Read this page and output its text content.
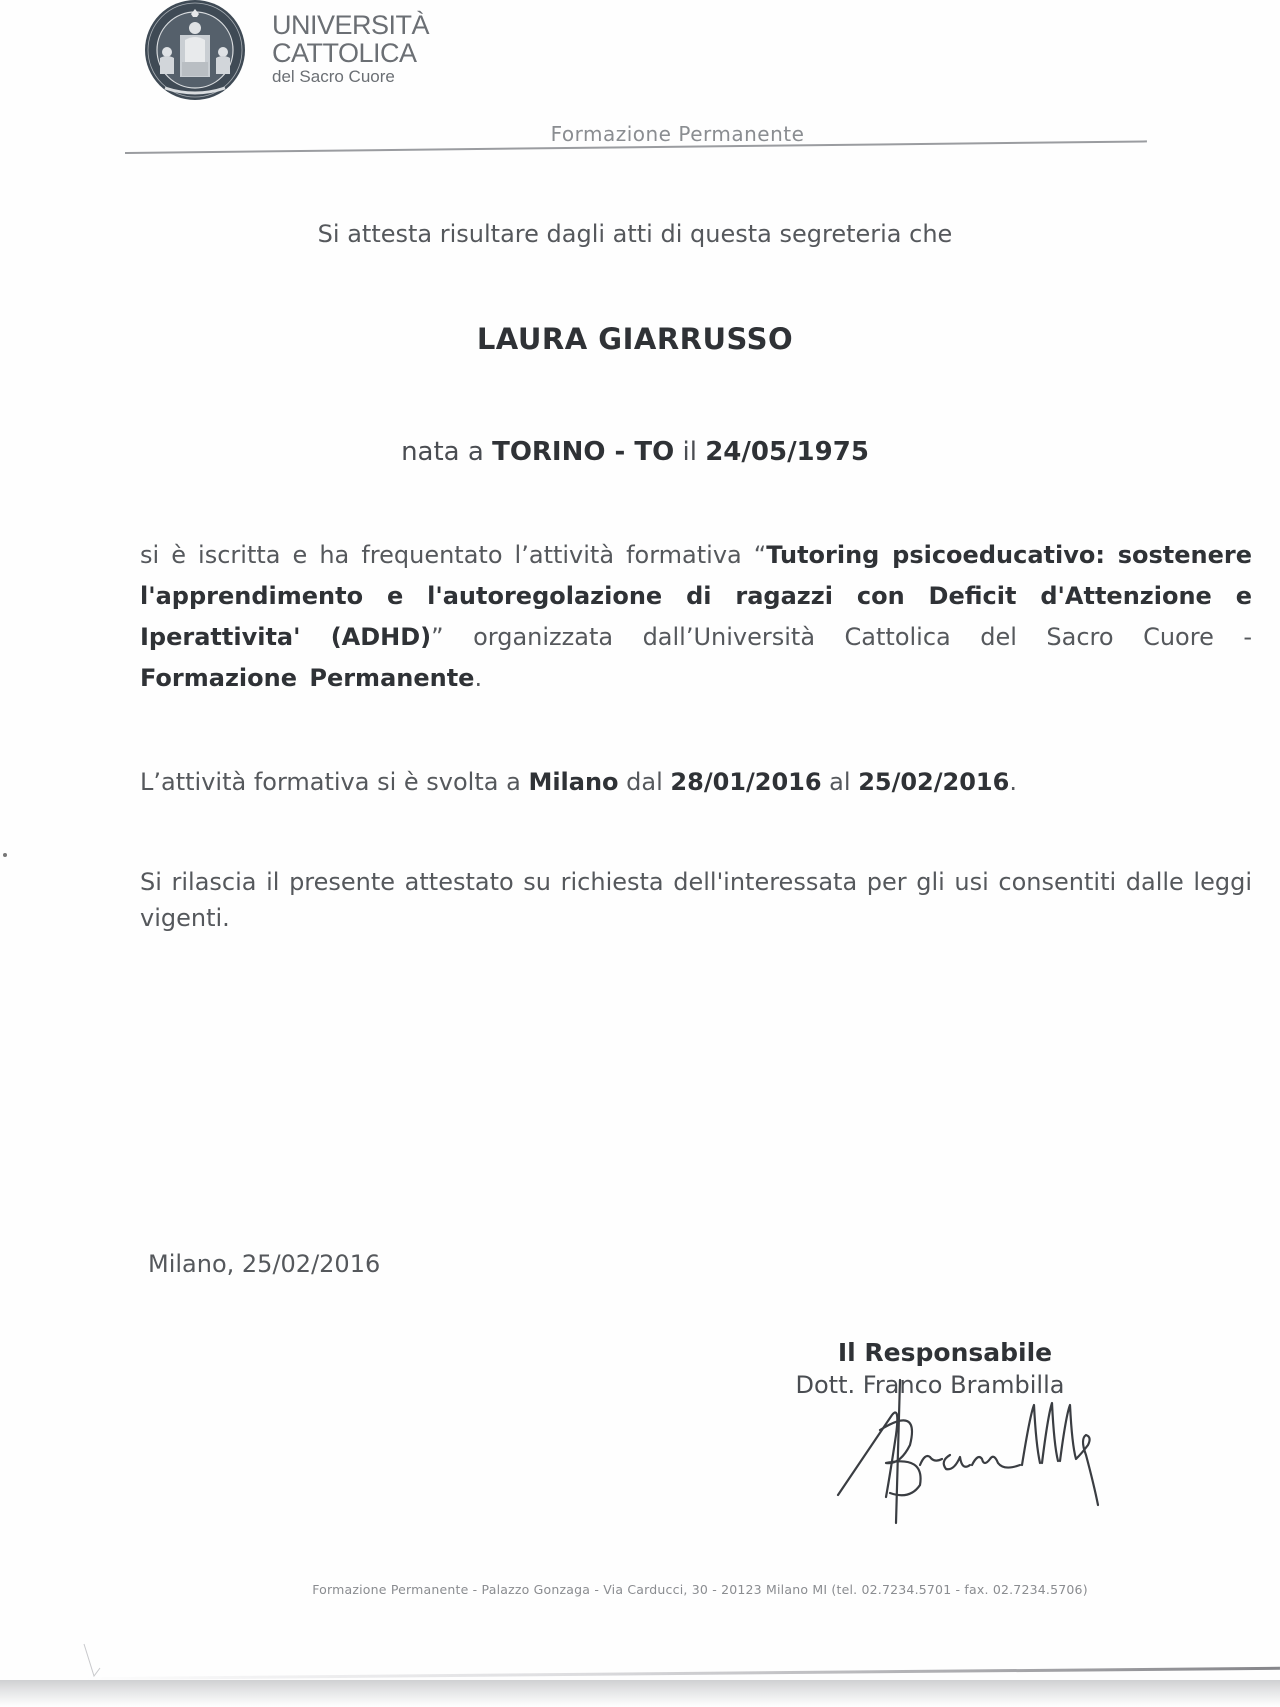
UNIVERSITÀ
CATTOLICA
del Sacro Cuore
Formazione Permanente
Si attesta risultare dagli atti di questa segreteria che
LAURA GIARRUSSO
nata a TORINO - TO il 24/05/1975
si è iscritta e ha frequentato l’attività formativa “Tutoring psicoeducativo: sostenere l'apprendimento e l'autoregolazione di ragazzi con Deficit d'Attenzione e Iperattivita' (ADHD)” organizzata dall’Università Cattolica del Sacro Cuore - Formazione Permanente.
L’attività formativa si è svolta a Milano dal 28/01/2016 al 25/02/2016.
Si rilascia il presente attestato su richiesta dell'interessata per gli usi consentiti dalle leggi vigenti.
Milano, 25/02/2016
Il Responsabile
Dott. Franco Brambilla
Formazione Permanente - Palazzo Gonzaga - Via Carducci, 30 - 20123 Milano MI (tel. 02.7234.5701 - fax. 02.7234.5706)
